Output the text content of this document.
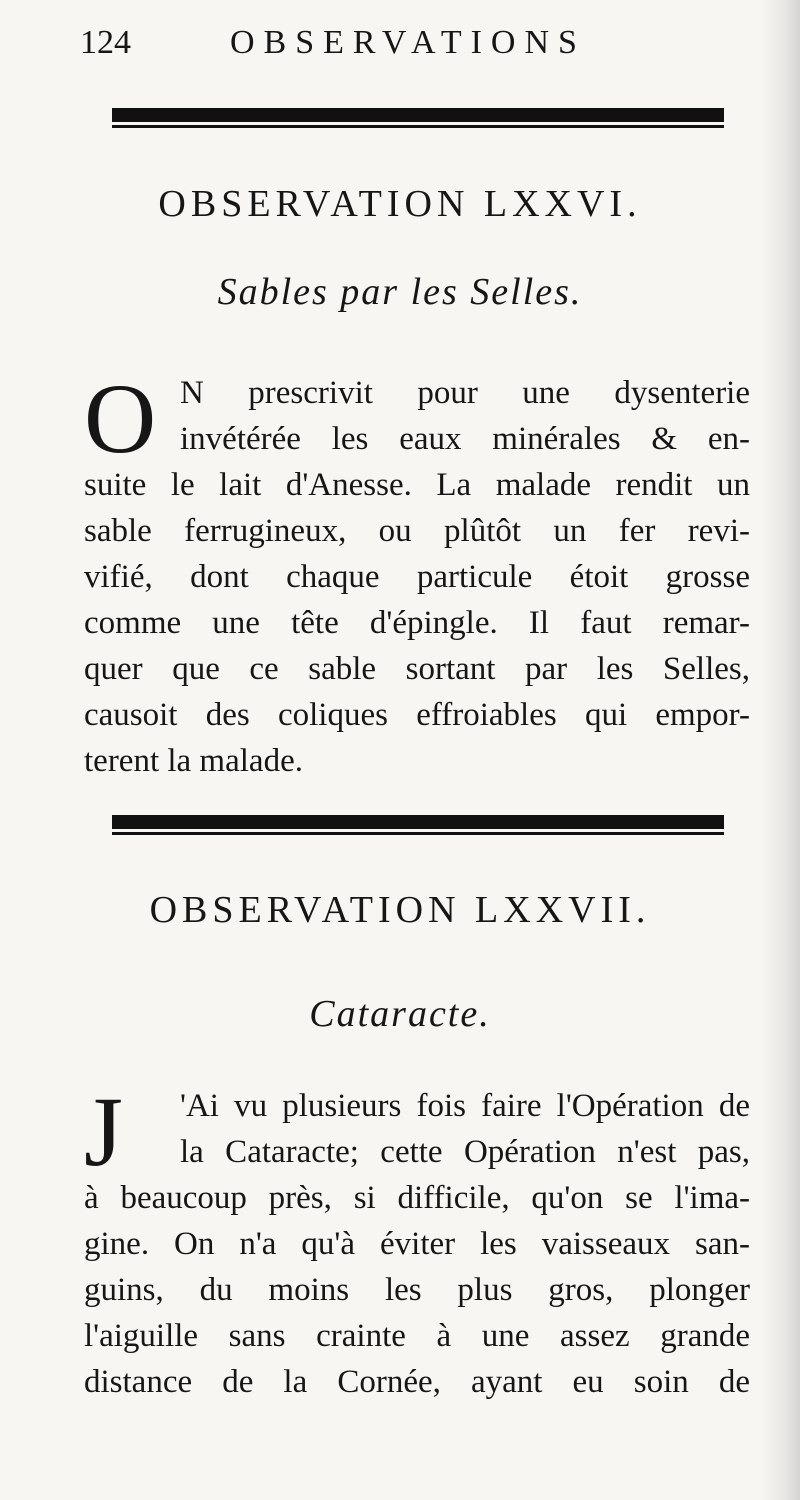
124	OBSERVATIONS
OBSERVATION LXXVI.
Sables par les Selles.
O N prescrivit pour une dysenterie
invétérée les eaux minérales & en-
suite le lait d'Anesse. La malade rendit un
sable ferrugineux, ou plûtôt un fer revi-
vifié, dont chaque particule étoit grosse
comme une tête d'épingle. Il faut remar-
quer que ce sable sortant par les Selles,
causoit des coliques effroiables qui empor-
terent la malade.
OBSERVATION LXXVII.
Cataracte.
J	'Ai vu plusieurs fois faire l'Opération de
la Cataracte; cette Opération n'est pas,
à beaucoup près, si difficile, qu'on se l'ima-
gine. On n'a qu'à éviter les vaisseaux san-
guins, du moins les plus gros, plonger
l'aiguille sans crainte à une assez grande
distance de la Cornée, ayant eu soin de
